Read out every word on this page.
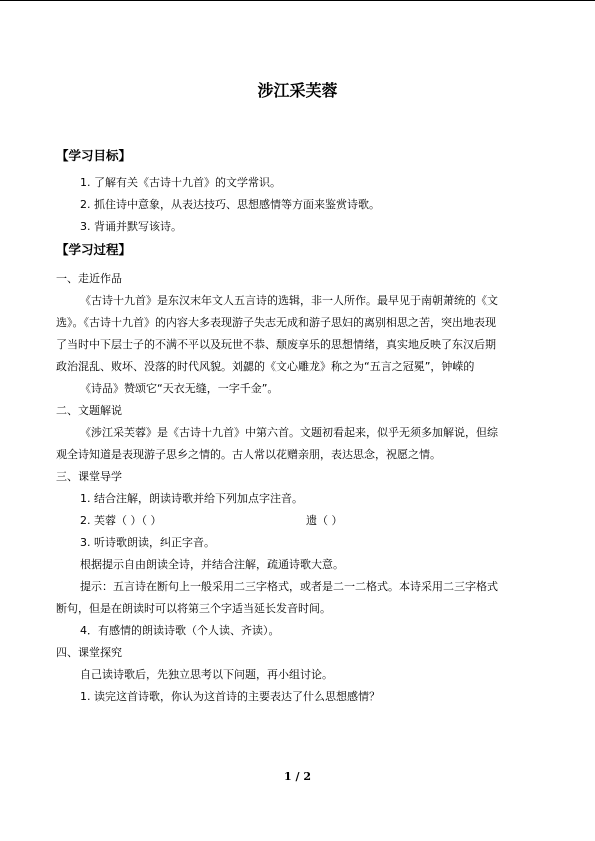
涉江采芙蓉
【学习目标】
1. 了解有关《古诗十九首》的文学常识。
2. 抓住诗中意象，从表达技巧、思想感情等方面来鉴赏诗歌。
3. 背诵并默写该诗。
【学习过程】
一、走近作品
《古诗十九首》是东汉末年文人五言诗的选辑，非一人所作。最早见于南朝萧统的《文
选》。《古诗十九首》的内容大多表现游子失志无成和游子思妇的离别相思之苦，突出地表现
了当时中下层士子的不满不平以及玩世不恭、颓废享乐的思想情绪，真实地反映了东汉后期
政治混乱、败坏、没落的时代风貌。刘勰的《文心雕龙》称之为“五言之冠冕”，钟嵘的
《诗品》赞颂它“天衣无缝，一字千金”。
二、文题解说
《涉江采芙蓉》是《古诗十九首》中第六首。文题初看起来，似乎无须多加解说，但综
观全诗知道是表现游子思乡之情的。古人常以花赠亲朋，表达思念，祝愿之情。
三、课堂导学
1. 结合注解，朗读诗歌并给下列加点字注音。
2. 芙蓉（ ）（ ）	遗（ ）
3. 听诗歌朗读，纠正字音。
根据提示自由朗读全诗，并结合注解，疏通诗歌大意。
提示：五言诗在断句上一般采用二三字格式，或者是二一二格式。本诗采用二三字格式
断句，但是在朗读时可以将第三个字适当延长发音时间。
4．有感情的朗读诗歌（个人读、齐读）。
四、课堂探究
自己读诗歌后，先独立思考以下问题，再小组讨论。
1. 读完这首诗歌，你认为这首诗的主要表达了什么思想感情？
1 / 2
